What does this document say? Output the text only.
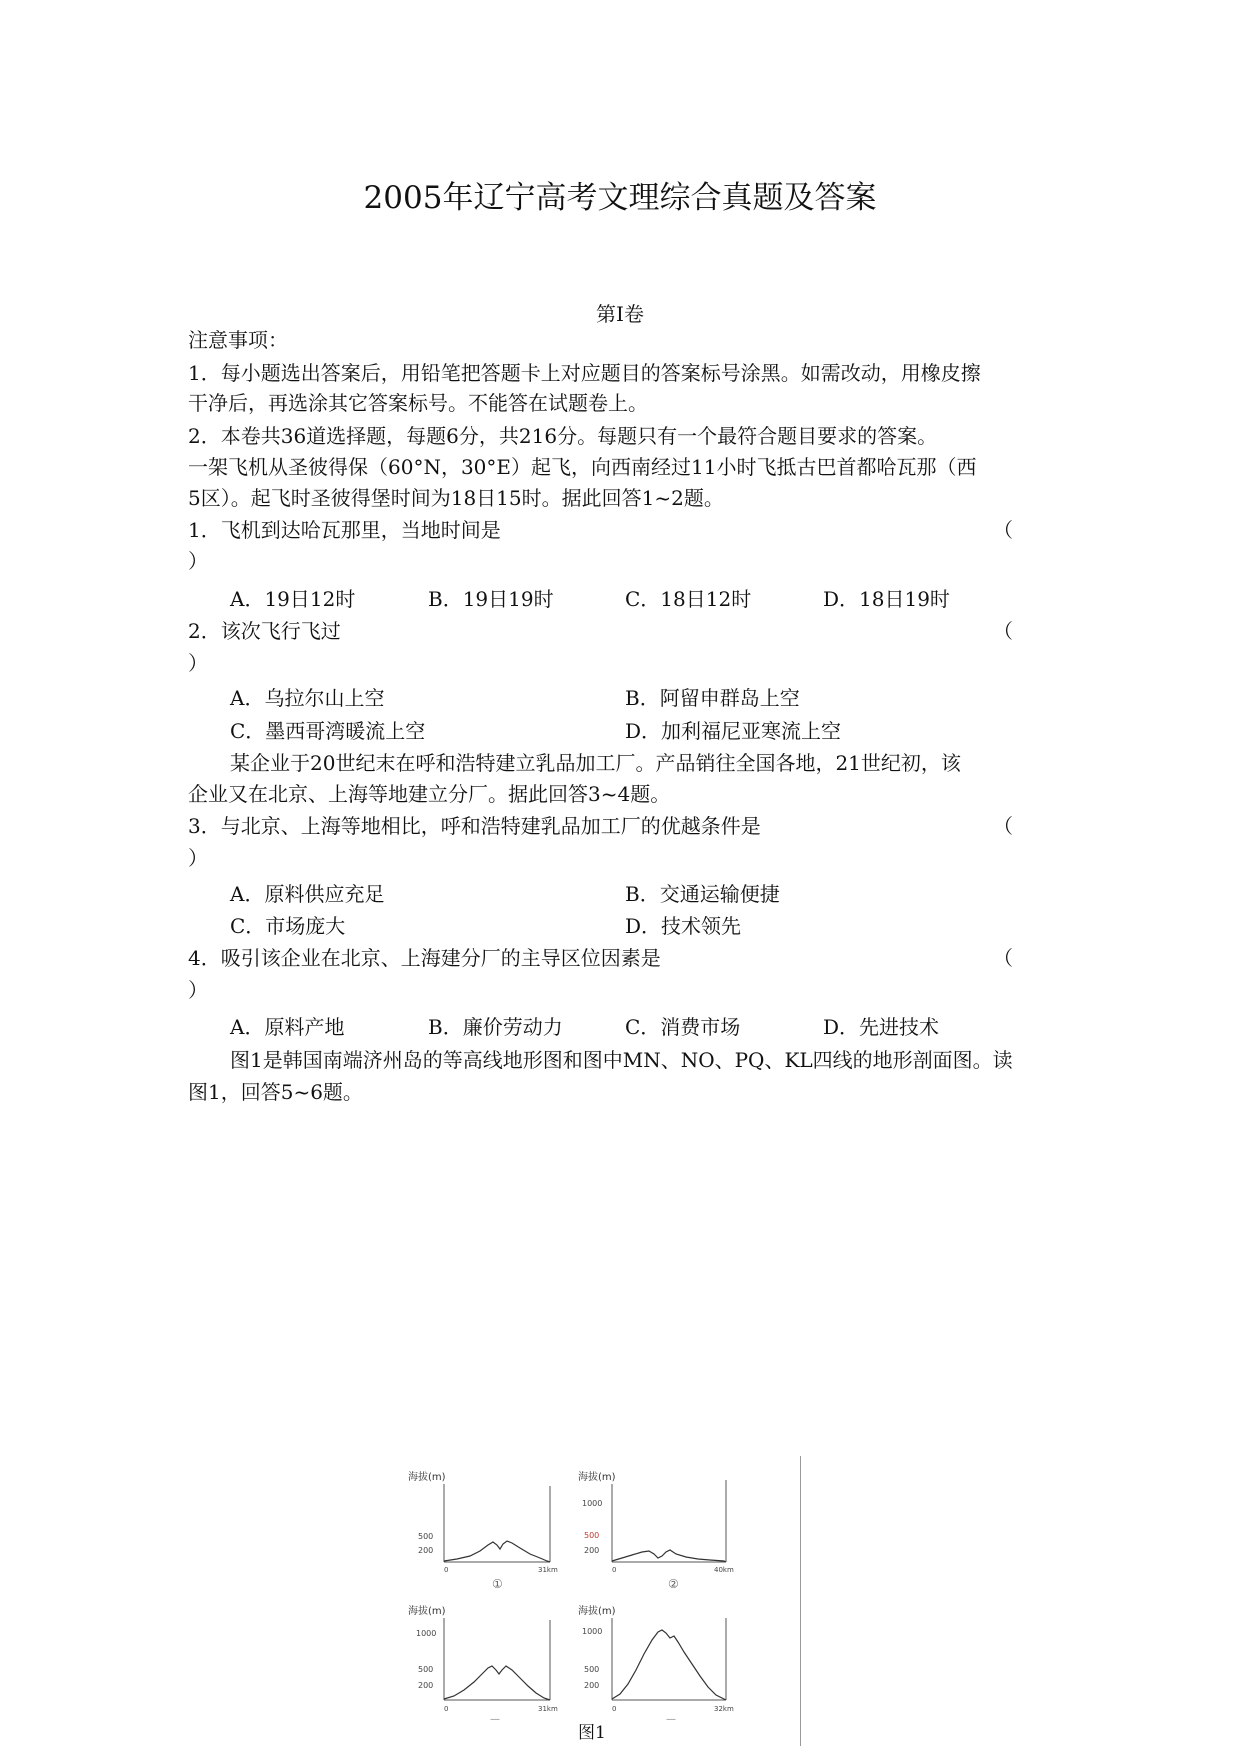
2005年辽宁高考文理综合真题及答案
第Ⅰ卷
注意事项：
1．每小题选出答案后，用铅笔把答题卡上对应题目的答案标号涂黑。如需改动，用橡皮擦
干净后，再选涂其它答案标号。不能答在试题卷上。
2．本卷共36道选择题，每题6分，共216分。每题只有一个最符合题目要求的答案。
一架飞机从圣彼得保（60°N，30°E）起飞，向西南经过11小时飞抵古巴首都哈瓦那（西
5区）。起飞时圣彼得堡时间为18日15时。据此回答1~2题。
1．飞机到达哈瓦那里，当地时间是	（
）
A．19日12时	B．19日19时	C．18日12时	D．18日19时
2．该次飞行飞过	（
）
A．乌拉尔山上空	B．阿留申群岛上空
C．墨西哥湾暖流上空	D．加利福尼亚寒流上空
某企业于20世纪末在呼和浩特建立乳品加工厂。产品销往全国各地，21世纪初，该
企业又在北京、上海等地建立分厂。据此回答3~4题。
3．与北京、上海等地相比，呼和浩特建乳品加工厂的优越条件是	（
）
A．原料供应充足	B．交通运输便捷
C．市场庞大	D．技术领先
4．吸引该企业在北京、上海建分厂的主导区位因素是	（
）
A．原料产地	B．廉价劳动力	C．消费市场	D．先进技术
图1是韩国南端济州岛的等高线地形图和图中MN、NO、PQ、KL四线的地形剖面图。读
图1，回答5~6题。
海拔(m)
500
200
0	31km
①
海拔(m)
1000
500
200
0	40km
②
海拔(m)
1000
500
200
0	31km
—
海拔(m)
1000
500
200
0	32km
—
图1
